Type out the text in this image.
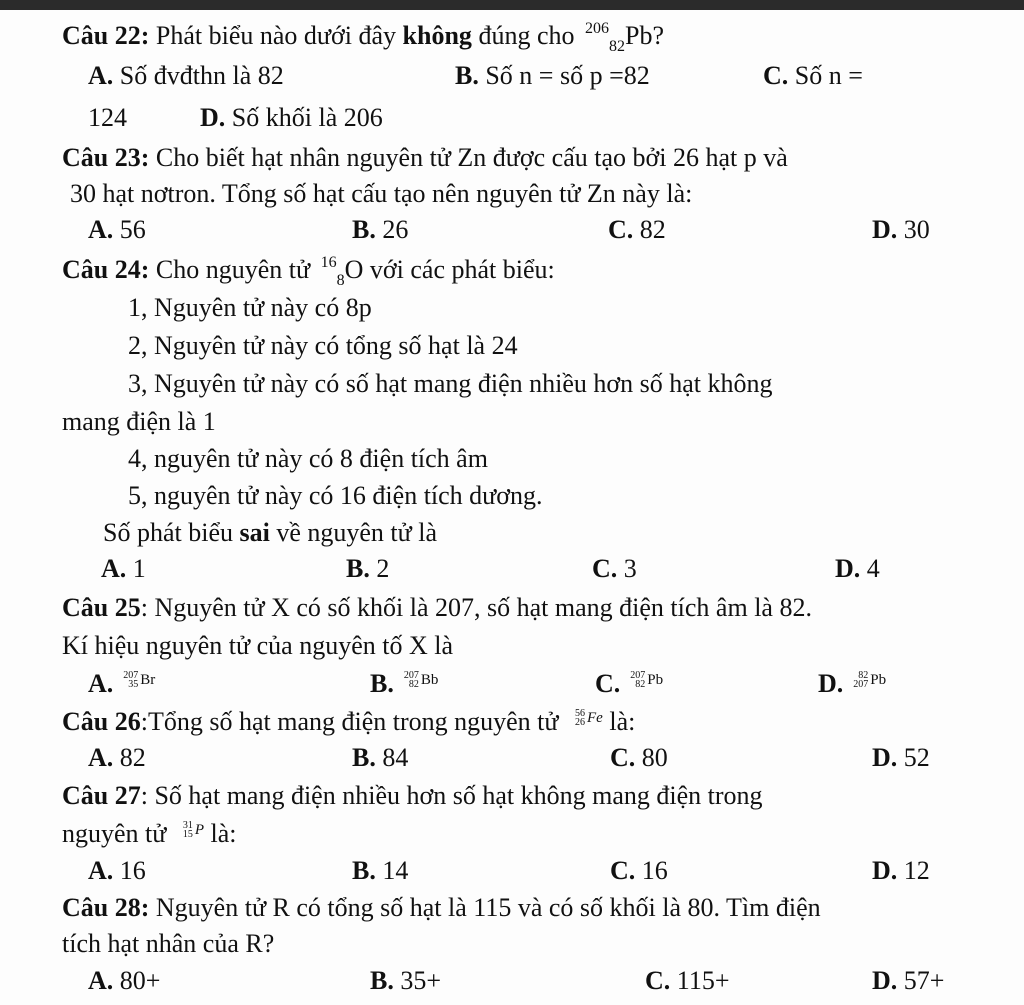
Câu 22: Phát biểu nào dưới đây không đúng cho $^{206}_{82}$Pb?
A. Số đvđthn là 82	B. Số n = số p =82	C. Số n =
124	D. Số khối là 206
Câu 23: Cho biết hạt nhân nguyên tử Zn được cấu tạo bởi 26 hạt p và
30 hạt nơtron. Tổng số hạt cấu tạo nên nguyên tử Zn này là:
A. 56	B. 26	C. 82	D. 30
Câu 24: Cho nguyên tử $^{16}_8$O với các phát biểu:
1, Nguyên tử này có 8p
2, Nguyên tử này có tổng số hạt là 24
3, Nguyên tử này có số hạt mang điện nhiều hơn số hạt không
mang điện là 1
4, nguyên tử này có 8 điện tích âm
5, nguyên tử này có 16 điện tích dương.
Số phát biểu sai về nguyên tử là
A. 1	B. 2	C. 3	D. 4
Câu 25: Nguyên tử X có số khối là 207, số hạt mang điện tích âm là 82.
Kí hiệu nguyên tử của nguyên tố X là
A. 207
35 Br	B. 207
82 Bb	C. 207
82 Pb	D. 82
207 Pb
Câu 26:Tổng số hạt mang điện trong nguyên tử 56
26 Fe là:
A. 82	B. 84	C. 80	D. 52
Câu 27: Số hạt mang điện nhiều hơn số hạt không mang điện trong
nguyên tử 31
15 P là:
A. 16	B. 14	C. 16	D. 12
Câu 28: Nguyên tử R có tổng số hạt là 115 và có số khối là 80. Tìm điện
tích hạt nhân của R?
A. 80+	B. 35+	C. 115+	D. 57+
